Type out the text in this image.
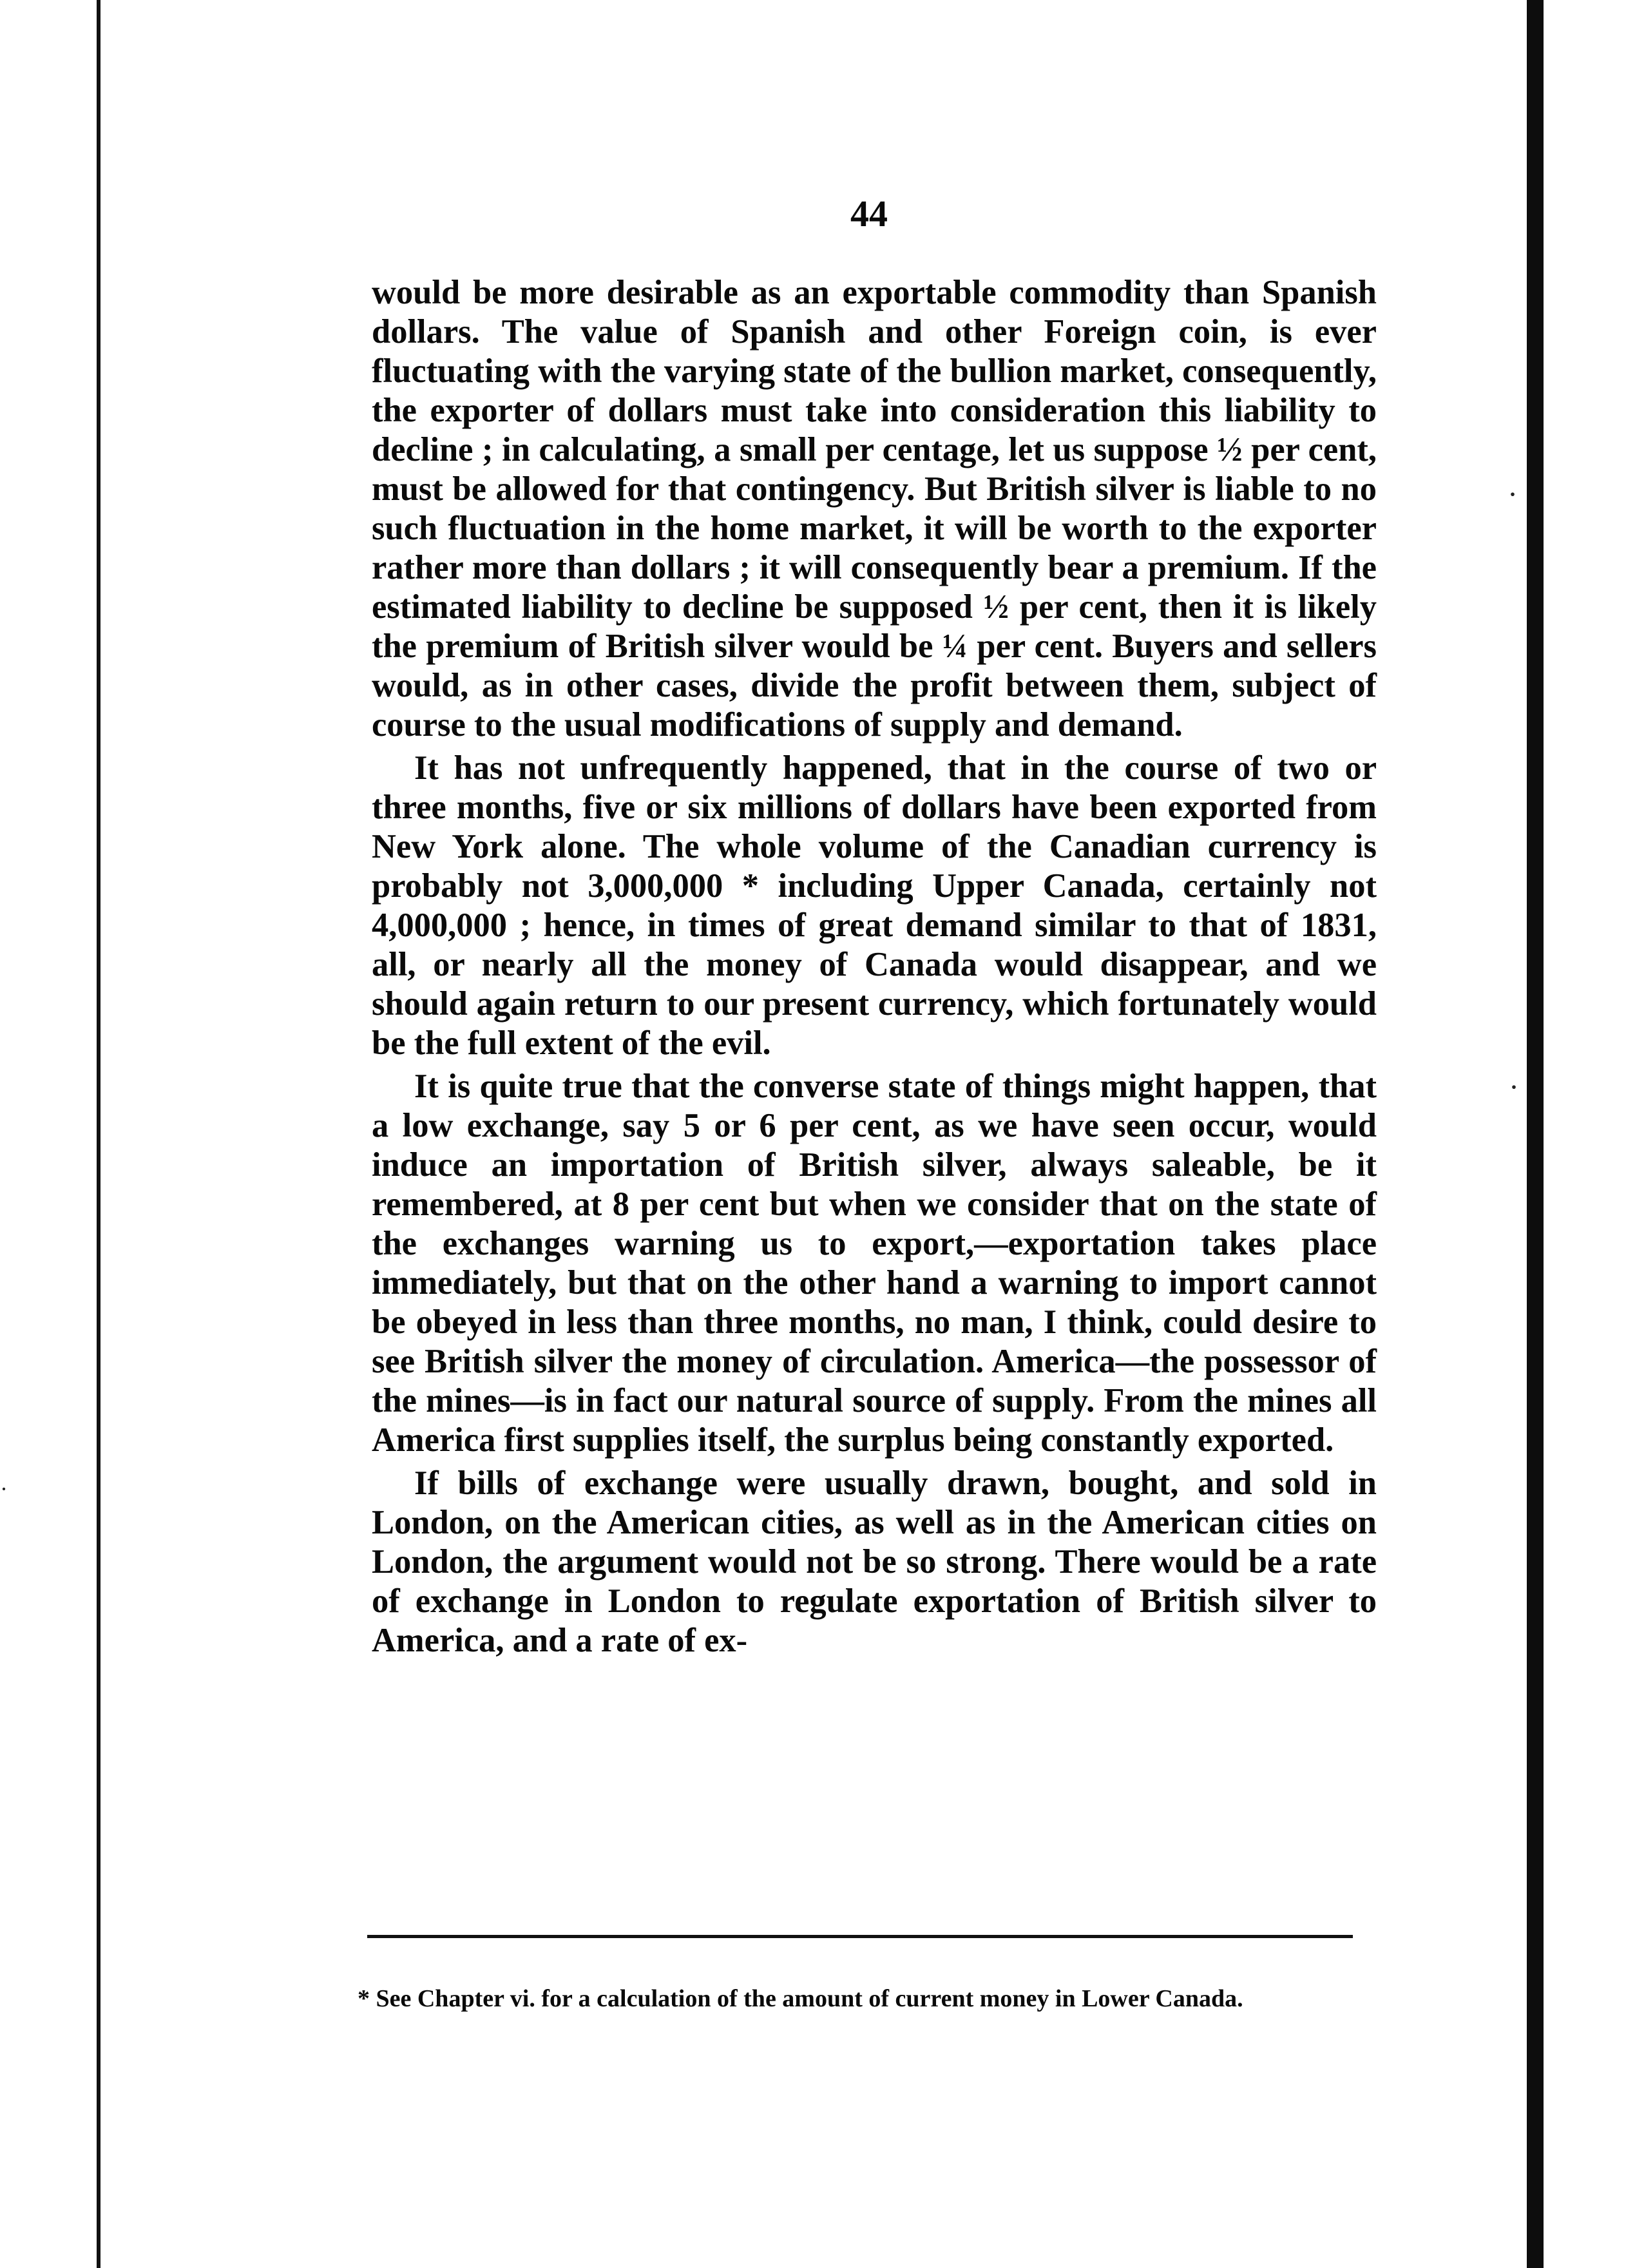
·
·
·
44

would be more desirable as an exportable commodity than Spanish dollars. The value of Spanish and other Foreign coin, is ever fluctuating with the varying state of the bullion market, consequently, the exporter of dollars must take into consideration this liability to decline ; in calculating, a small per centage, let us suppose ½ per cent, must be allowed for that contingency. But British silver is liable to no such fluctuation in the home market, it will be worth to the exporter rather more than dollars ; it will consequently bear a premium. If the estimated liability to decline be supposed ½ per cent, then it is likely the premium of British silver would be ¼ per cent. Buyers and sellers would, as in other cases, divide the profit between them, subject of course to the usual modifications of supply and demand.

It has not unfrequently happened, that in the course of two or three months, five or six millions of dollars have been exported from New York alone. The whole volume of the Canadian currency is probably not 3,000,000 * including Upper Canada, certainly not 4,000,000 ; hence, in times of great demand similar to that of 1831, all, or nearly all the money of Canada would disappear, and we should again return to our present currency, which fortunately would be the full extent of the evil.

It is quite true that the converse state of things might happen, that a low exchange, say 5 or 6 per cent, as we have seen occur, would induce an importation of British silver, always saleable, be it remembered, at 8 per cent but when we consider that on the state of the exchanges warning us to export,—exportation takes place immediately, but that on the other hand a warning to import cannot be obeyed in less than three months, no man, I think, could desire to see British silver the money of circulation. America—the possessor of the mines—is in fact our natural source of supply. From the mines all America first supplies itself, the surplus being constantly exported.

If bills of exchange were usually drawn, bought, and sold in London, on the American cities, as well as in the American cities on London, the argument would not be so strong. There would be a rate of exchange in London to regulate exportation of British silver to America, and a rate of ex-

* See Chapter vi. for a calculation of the amount of current money in Lower Canada.
